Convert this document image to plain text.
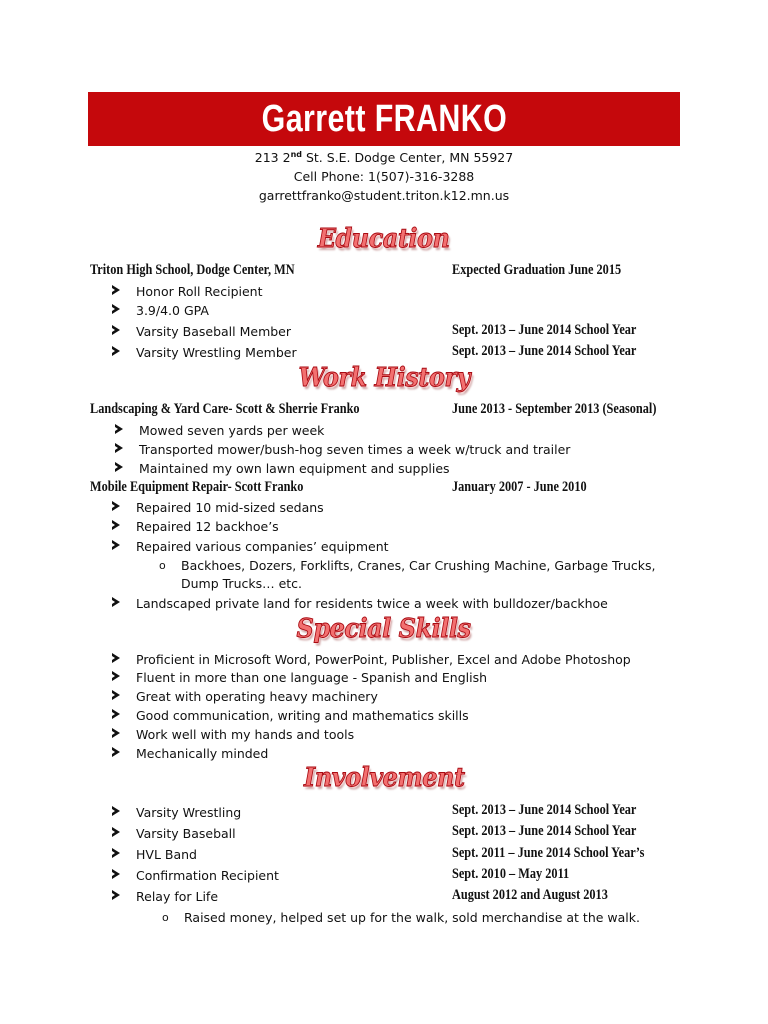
Garrett FRANKO
213 2nd St. S.E. Dodge Center, MN 55927
Cell Phone: 1(507)-316-3288
garrettfranko@student.triton.k12.mn.us
Education
Triton High School, Dodge Center, MN	Expected Graduation June 2015
Honor Roll Recipient
3.9/4.0 GPA
Varsity Baseball Member	Sept. 2013 – June 2014 School Year
Varsity Wrestling Member	Sept. 2013 – June 2014 School Year
Work History
Landscaping & Yard Care- Scott & Sherrie Franko	June 2013 - September 2013 (Seasonal)
Mowed seven yards per week
Transported mower/bush-hog seven times a week w/truck and trailer
Maintained my own lawn equipment and supplies
Mobile Equipment Repair- Scott Franko	January 2007 - June 2010
Repaired 10 mid-sized sedans
Repaired 12 backhoe’s
Repaired various companies’ equipment
o Backhoes, Dozers, Forklifts, Cranes, Car Crushing Machine, Garbage Trucks, Dump Trucks… etc.
Landscaped private land for residents twice a week with bulldozer/backhoe
Special Skills
Proficient in Microsoft Word, PowerPoint, Publisher, Excel and Adobe Photoshop
Fluent in more than one language - Spanish and English
Great with operating heavy machinery
Good communication, writing and mathematics skills
Work well with my hands and tools
Mechanically minded
Involvement
Varsity Wrestling	Sept. 2013 – June 2014 School Year
Varsity Baseball	Sept. 2013 – June 2014 School Year
HVL Band	Sept. 2011 – June 2014 School Year’s
Confirmation Recipient	Sept. 2010 – May 2011
Relay for Life	August 2012 and August 2013
o Raised money, helped set up for the walk, sold merchandise at the walk.
